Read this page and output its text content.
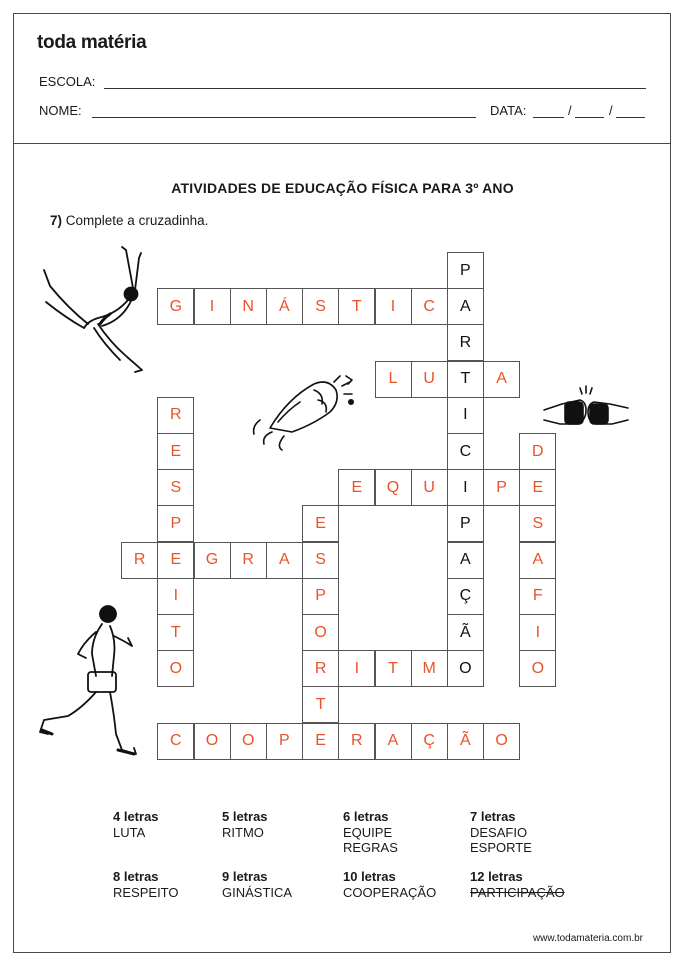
toda matéria
ESCOLA:
NOME:	DATA:	/	/
ATIVIDADES DE EDUCAÇÃO FÍSICA PARA 3º ANO
7) Complete a cruzadinha.
P
G	I	N	Á	S	T	I	C	A
R
L	U	T	A
R	I
E	C	D
S	E	Q	U	I	P	E
P	E	P	S
R	E	G	R	A	S	A	A
I	P	Ç	F
T	O	Ã	I
O	R	I	T	M	O	O
T
C	O	O	P	E	R	A	Ç	Ã	O
4 letras
LUTA
5 letras
RITMO
6 letras
EQUIPE
REGRAS
7 letras
DESAFIO
ESPORTE
8 letras
RESPEITO
9 letras
GINÁSTICA
10 letras
COOPERAÇÃO
12 letras
PARTICIPAÇÃO
www.todamateria.com.br
